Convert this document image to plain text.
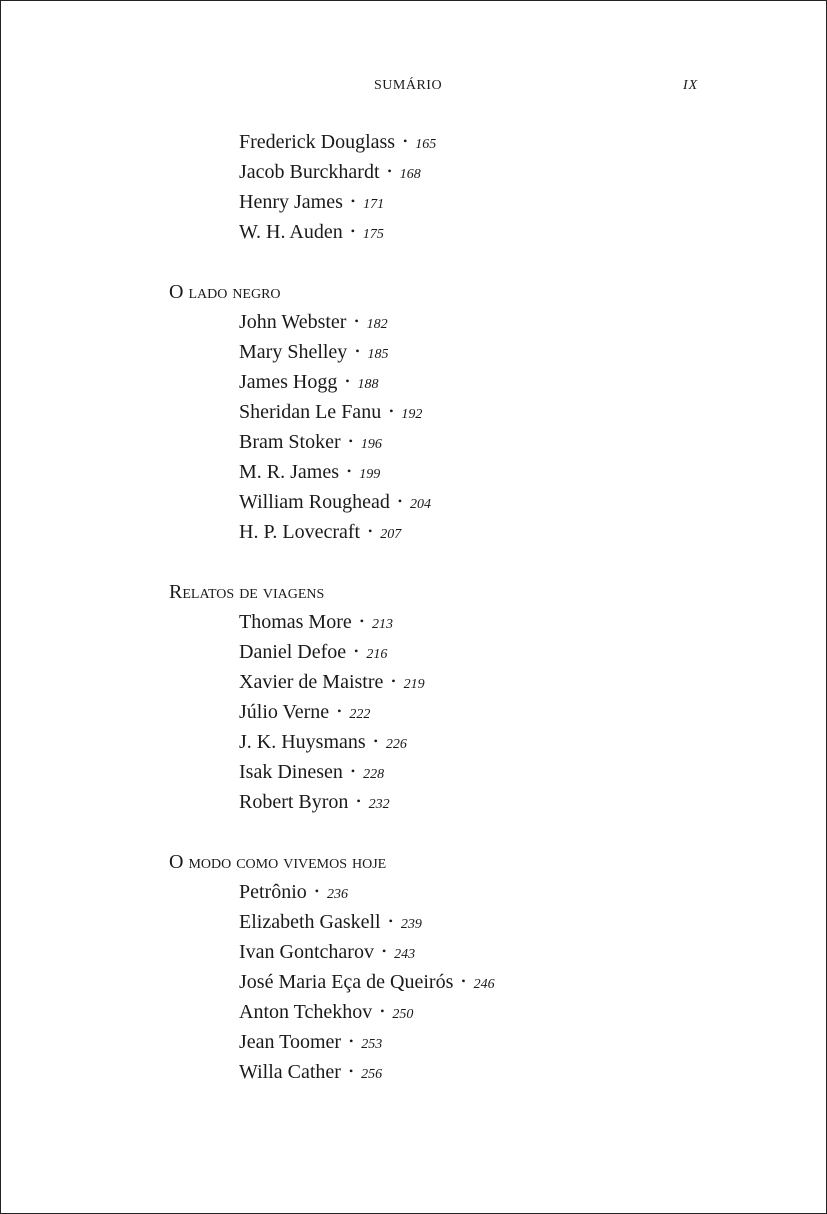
SUMÁRIO	IX
Frederick Douglass • 165
Jacob Burckhardt • 168
Henry James • 171
W. H. Auden • 175
O lado negro
John Webster • 182
Mary Shelley • 185
James Hogg • 188
Sheridan Le Fanu • 192
Bram Stoker • 196
M. R. James • 199
William Roughead • 204
H. P. Lovecraft • 207
Relatos de viagens
Thomas More • 213
Daniel Defoe • 216
Xavier de Maistre • 219
Júlio Verne • 222
J. K. Huysmans • 226
Isak Dinesen • 228
Robert Byron • 232
O modo como vivemos hoje
Petrônio • 236
Elizabeth Gaskell • 239
Ivan Gontcharov • 243
José Maria Eça de Queirós • 246
Anton Tchekhov • 250
Jean Toomer • 253
Willa Cather • 256
